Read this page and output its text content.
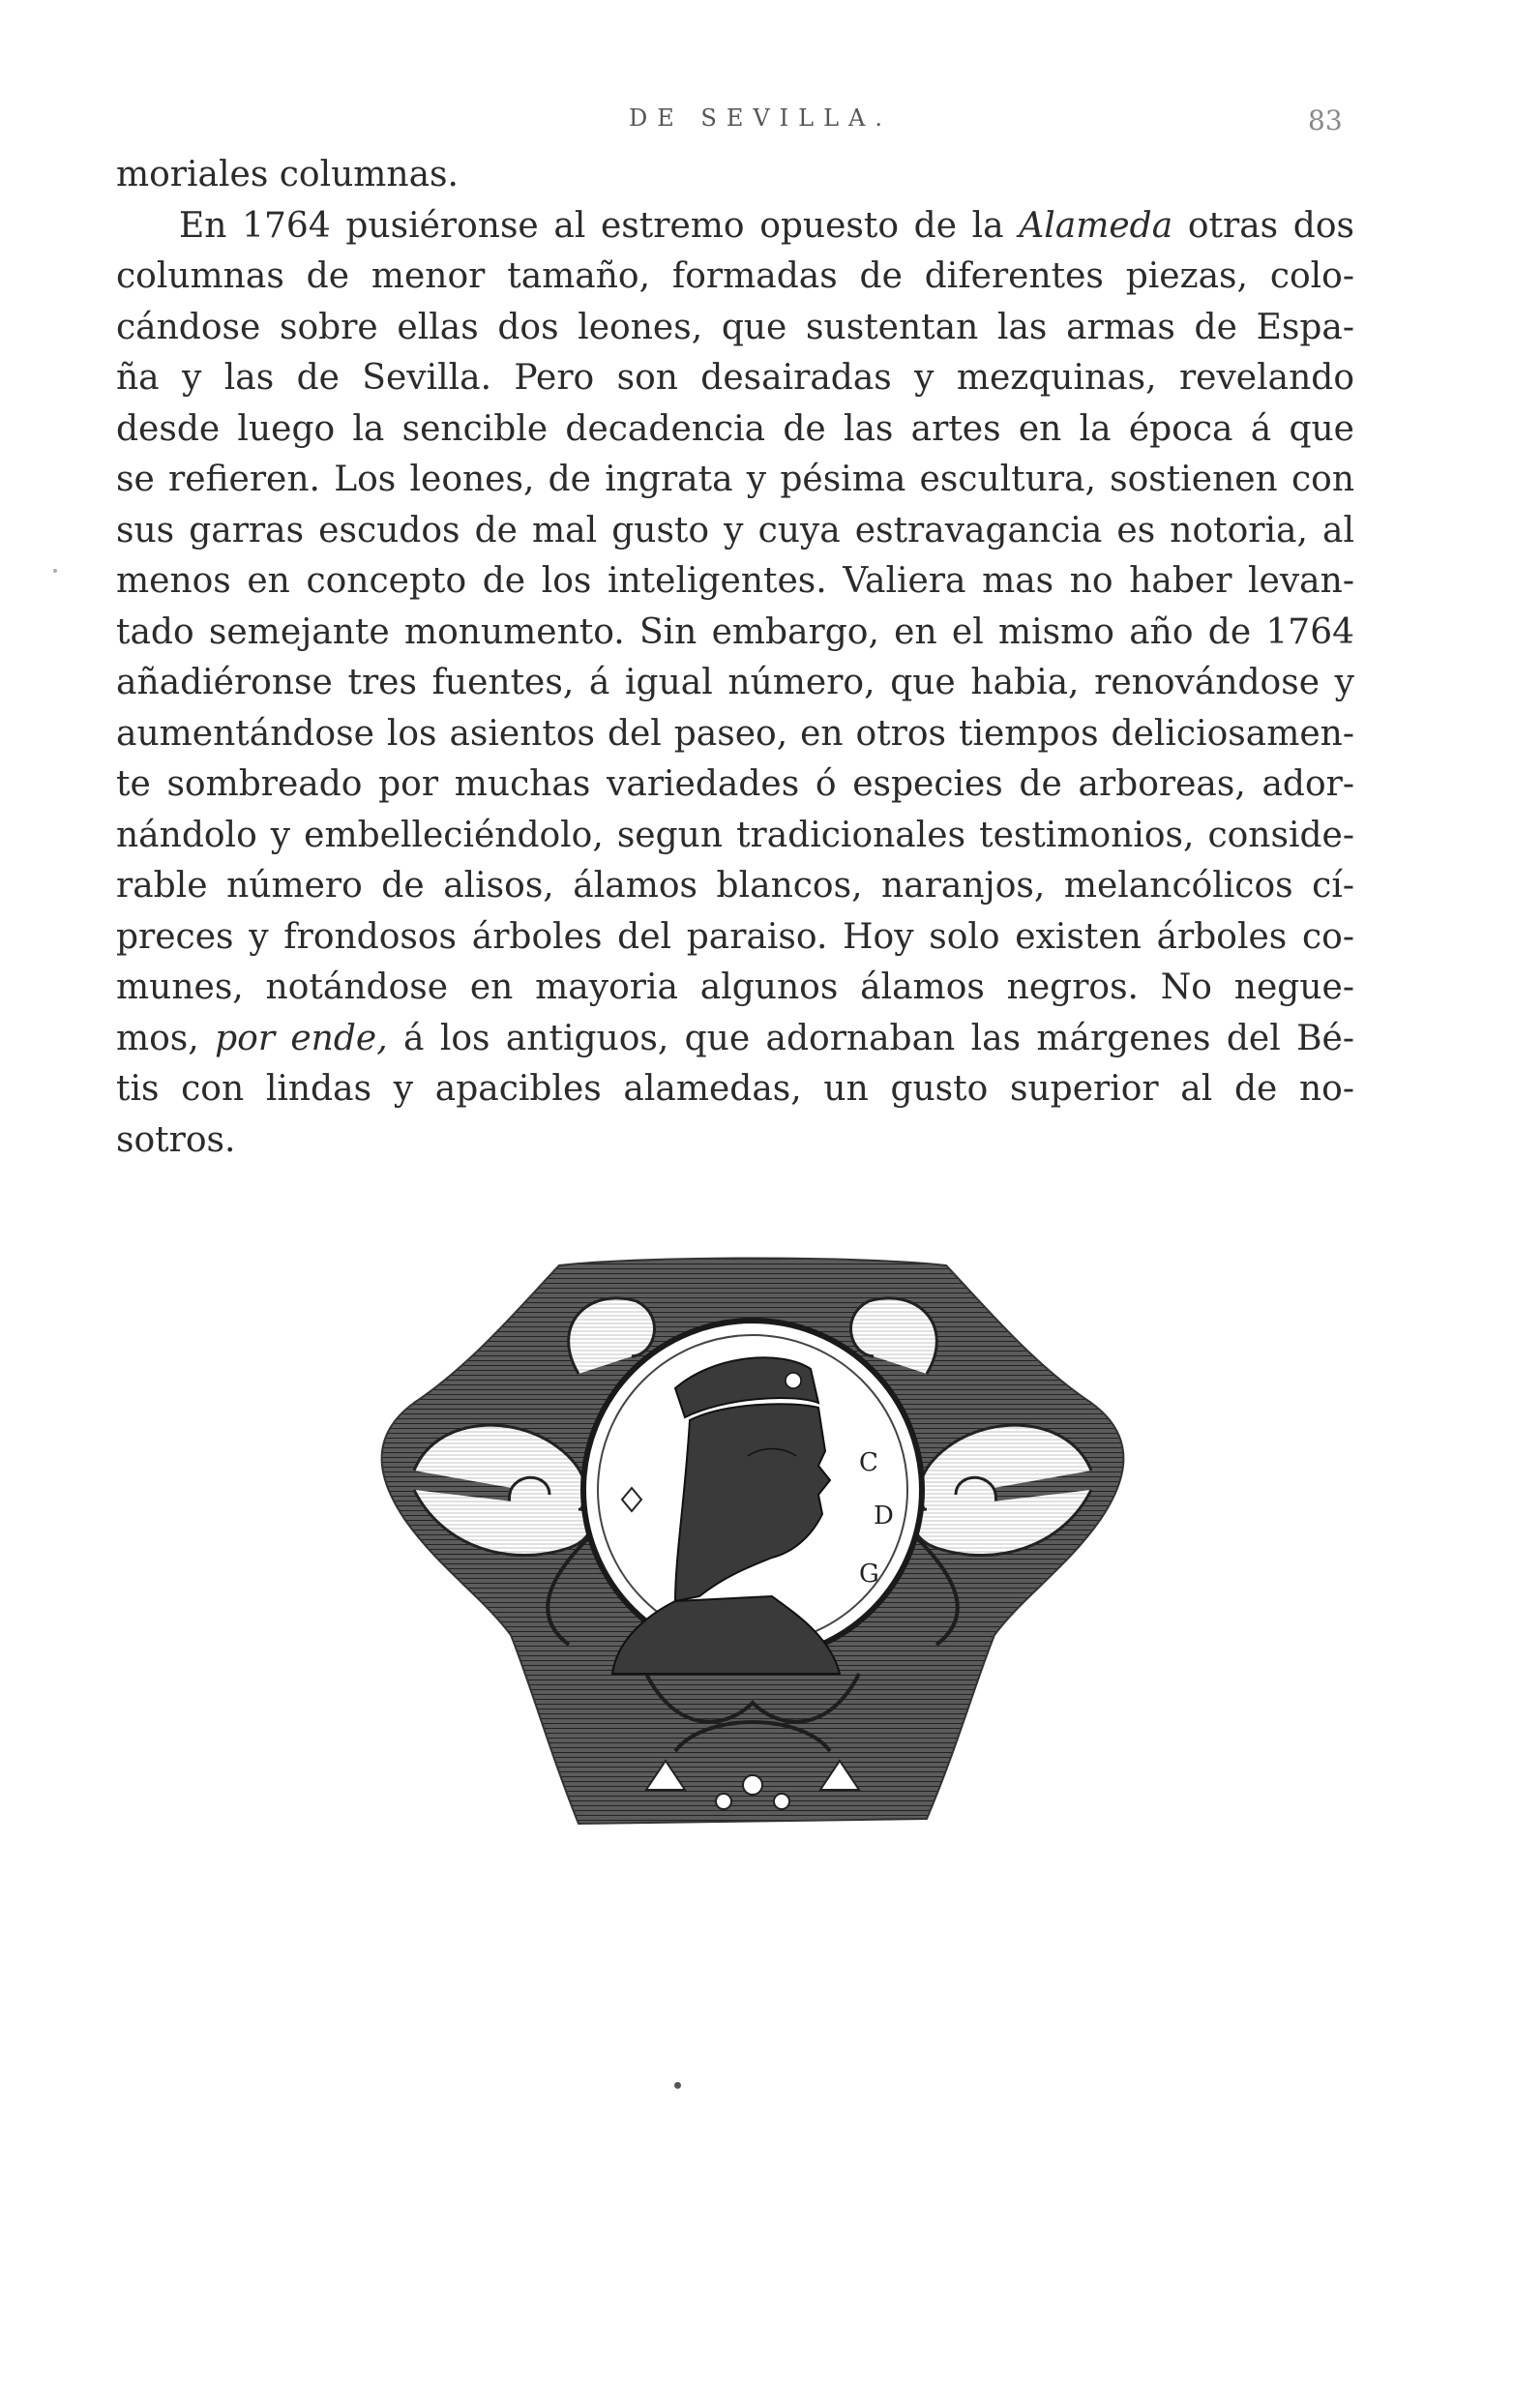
DE SEVILLA.	83
moriales columnas.
En 1764 pusiéronse al estremo opuesto de la Alameda otras dos
columnas de menor tamaño, formadas de diferentes piezas, colo-
cándose sobre ellas dos leones, que sustentan las armas de Espa-
ña y las de Sevilla. Pero son desairadas y mezquinas, revelando
desde luego la sencible decadencia de las artes en la época á que
se refieren. Los leones, de ingrata y pésima escultura, sostienen con
sus garras escudos de mal gusto y cuya estravagancia es notoria, al
menos en concepto de los inteligentes. Valiera mas no haber levan-
tado semejante monumento. Sin embargo, en el mismo año de 1764
añadiéronse tres fuentes, á igual número, que habia, renovándose y
aumentándose los asientos del paseo, en otros tiempos deliciosamen-
te sombreado por muchas variedades ó especies de arboreas, ador-
nándolo y embelleciéndolo, segun tradicionales testimonios, conside-
rable número de alisos, álamos blancos, naranjos, melancólicos cí-
preces y frondosos árboles del paraiso. Hoy solo existen árboles co-
munes, notándose en mayoria algunos álamos negros. No negue-
mos, por ende, á los antiguos, que adornaban las márgenes del Bé-
tis con lindas y apacibles alamedas, un gusto superior al de no-
sotros.
C
D
G
